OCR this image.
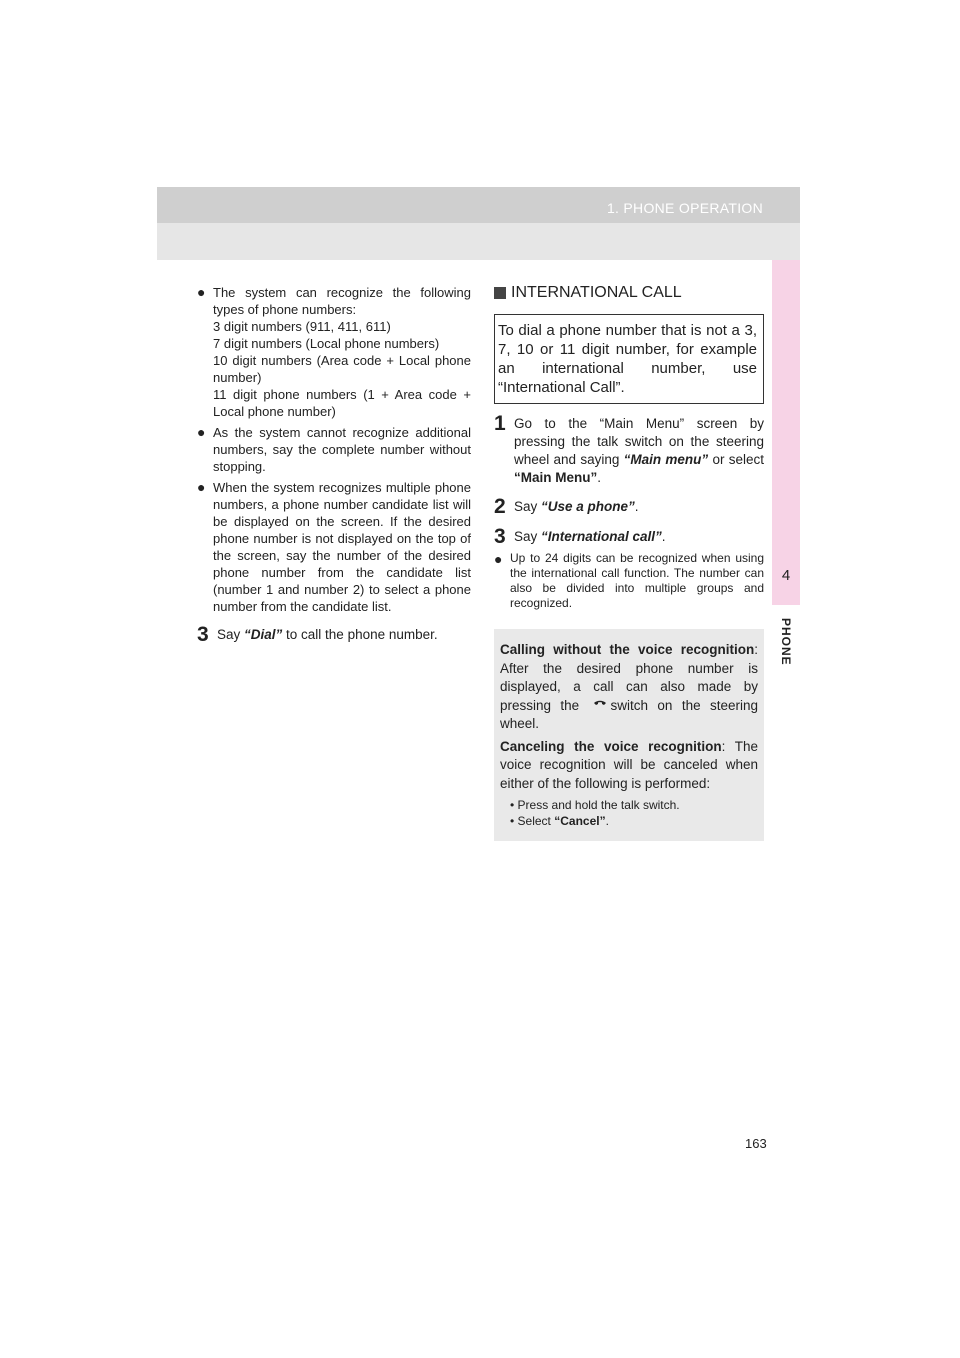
1. PHONE OPERATION
4
PHONE
● The system can recognize the following types of phone numbers:
3 digit numbers (911, 411, 611)
7 digit numbers (Local phone numbers)
10 digit numbers (Area code + Local phone number)
11 digit phone numbers (1 + Area code + Local phone number)
● As the system cannot recognize additional numbers, say the complete number without stopping.
● When the system recognizes multiple phone numbers, a phone number candidate list will be displayed on the screen. If the desired phone number is not displayed on the top of the screen, say the number of the desired phone number from the candidate list (number 1 and number 2) to select a phone number from the candidate list.
3 Say “Dial” to call the phone number.
INTERNATIONAL CALL
To dial a phone number that is not a 3, 7, 10 or 11 digit number, for example an international number, use “International Call”.
1 Go to the “Main Menu” screen by pressing the talk switch on the steering wheel and saying “Main menu” or select “Main Menu”.
2 Say “Use a phone”.
3 Say “International call”.
● Up to 24 digits can be recognized when using the international call function. The number can also be divided into multiple groups and recognized.

Calling without the voice recognition: After the desired phone number is displayed, a call can also made by pressing the switch on the steering wheel.

Canceling the voice recognition: The voice recognition will be canceled when either of the following is performed:

• Press and hold the talk switch.
• Select “Cancel”.
163
